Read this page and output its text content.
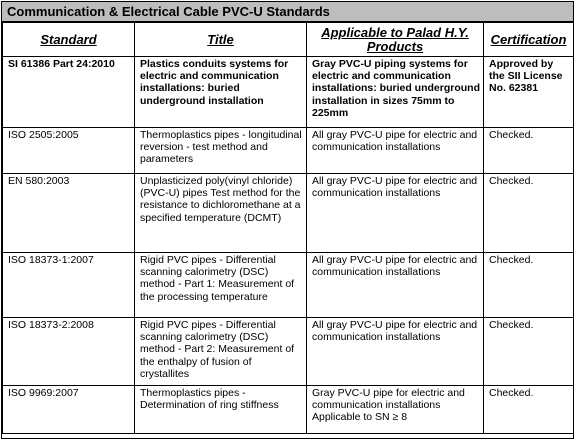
Communication & Electrical Cable PVC-U Standards
Standard	Title	Applicable to Palad H.Y. Products	Certification
SI 61386 Part 24:2010	Plastics conduits systems for electric and communication installations: buried underground installation	Gray PVC-U piping systems for electric and communication installations: buried underground installation in sizes 75mm to 225mm	Approved by the SII License No. 62381
ISO 2505:2005	Thermoplastics pipes - longitudinal reversion - test method and parameters	All gray PVC-U pipe for electric and communication installations	Checked.
EN 580:2003	Unplasticized poly(vinyl chloride) (PVC-U) pipes Test method for the resistance to dichloromethane at a specified temperature (DCMT)	All gray PVC-U pipe for electric and communication installations	Checked.
ISO 18373-1:2007	Rigid PVC pipes - Differential scanning calorimetry (DSC) method - Part 1: Measurement of the processing temperature	All gray PVC-U pipe for electric and communication installations	Checked.
ISO 18373-2:2008	Rigid PVC pipes - Differential scanning calorimetry (DSC) method - Part 2: Measurement of the enthalpy of fusion of crystallites	All gray PVC-U pipe for electric and communication installations	Checked.
ISO 9969:2007	Thermoplastics pipes - Determination of ring stiffness	Gray PVC-U pipe for electric and communication installations Applicable to SN ≥ 8	Checked.
